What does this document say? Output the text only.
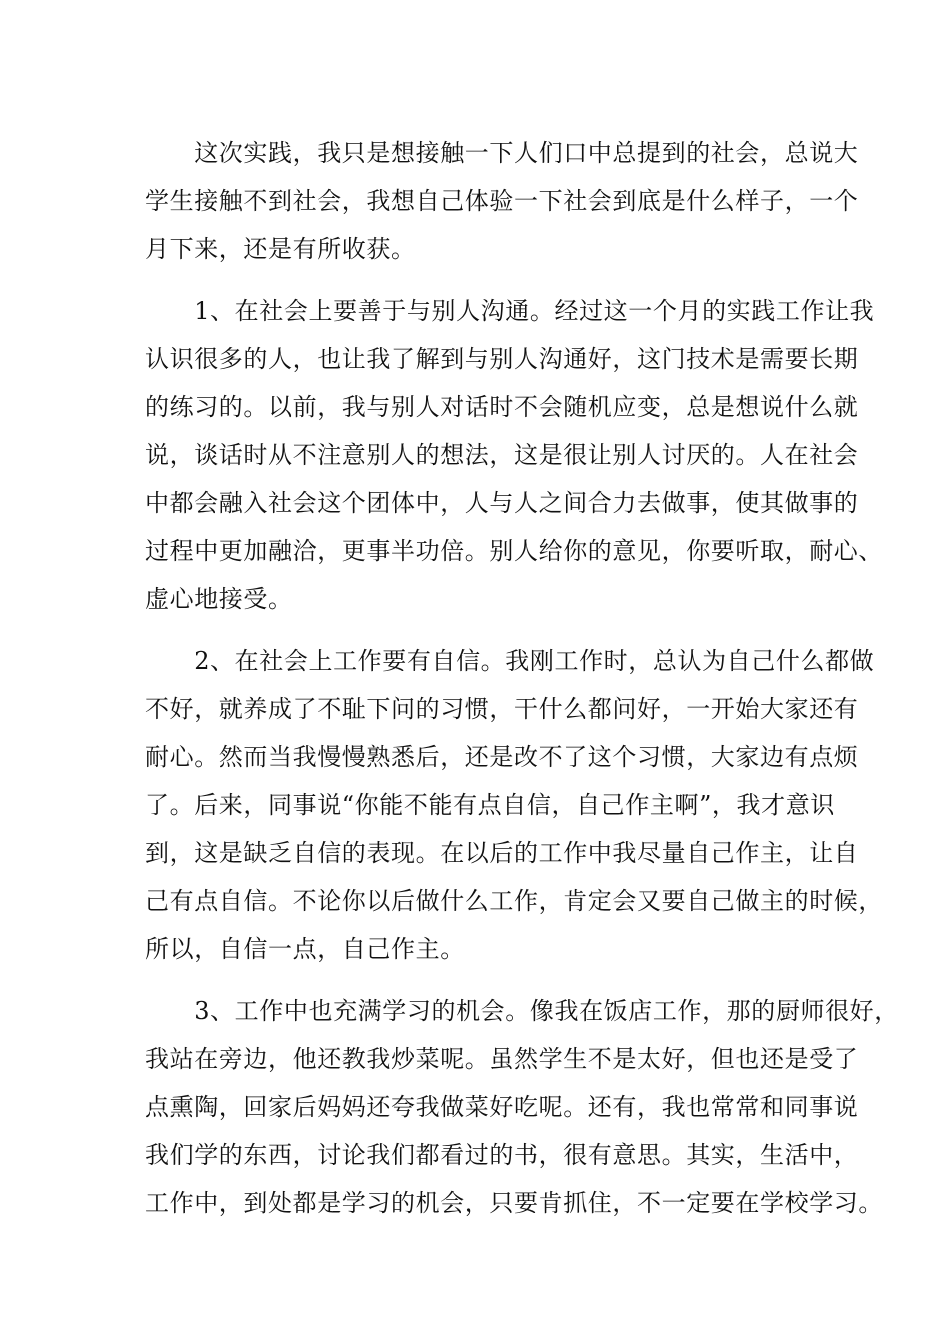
　　这次实践，我只是想接触一下人们口中总提到的社会，总说大
学生接触不到社会，我想自己体验一下社会到底是什么样子，一个
月下来，还是有所收获。
　　1、在社会上要善于与别人沟通。经过这一个月的实践工作让我
认识很多的人，也让我了解到与别人沟通好，这门技术是需要长期
的练习的。以前，我与别人对话时不会随机应变，总是想说什么就
说，谈话时从不注意别人的想法，这是很让别人讨厌的。人在社会
中都会融入社会这个团体中，人与人之间合力去做事，使其做事的
过程中更加融洽，更事半功倍。别人给你的意见，你要听取，耐心、
虚心地接受。
　　2、在社会上工作要有自信。我刚工作时，总认为自己什么都做
不好，就养成了不耻下问的习惯，干什么都问好，一开始大家还有
耐心。然而当我慢慢熟悉后，还是改不了这个习惯，大家边有点烦
了。后来，同事说“你能不能有点自信，自己作主啊”，我才意识
到，这是缺乏自信的表现。在以后的工作中我尽量自己作主，让自
己有点自信。不论你以后做什么工作，肯定会又要自己做主的时候，
所以，自信一点，自己作主。
　　3、工作中也充满学习的机会。像我在饭店工作，那的厨师很好，
我站在旁边，他还教我炒菜呢。虽然学生不是太好，但也还是受了
点熏陶，回家后妈妈还夸我做菜好吃呢。还有，我也常常和同事说
我们学的东西，讨论我们都看过的书，很有意思。其实，生活中，
工作中，到处都是学习的机会，只要肯抓住，不一定要在学校学习。
